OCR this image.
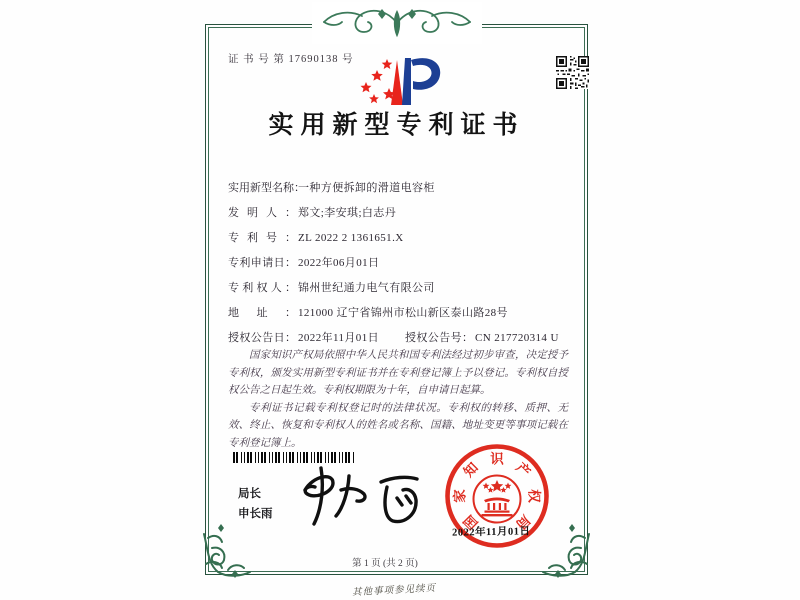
证 书 号 第 17690138 号
实用新型专利证书
实用新型名称 ： 一种方便拆卸的滑道电容柜
发明人 ：	郑文;李安琪;白志丹
专利号 ：	ZL 2022 2 1361651.X
专利申请日 ：	2022年06月01日
专利权人 ：	锦州世纪通力电气有限公司
地址 ：	121000 辽宁省锦州市松山新区泰山路28号
授权公告日 ：	2022年11月01日 授权公告号 ：	CN 217720314 U

国家知识产权局依照中华人民共和国专利法经过初步审查，决定授予专利权，颁发实用新型专利证书并在专利登记簿上予以登记。专利权自授权公告之日起生效。专利权期限为十年，自申请日起算。

专利证书记载专利权登记时的法律状况。专利权的转移、质押、无效、终止、恢复和专利权人的姓名或名称、国籍、地址变更等事项记载在专利登记簿上。

局长
申长雨	国
家
知
识
产
权
局
2022年11月01日
第 1 页 (共 2 页)
其他事项参见续页
